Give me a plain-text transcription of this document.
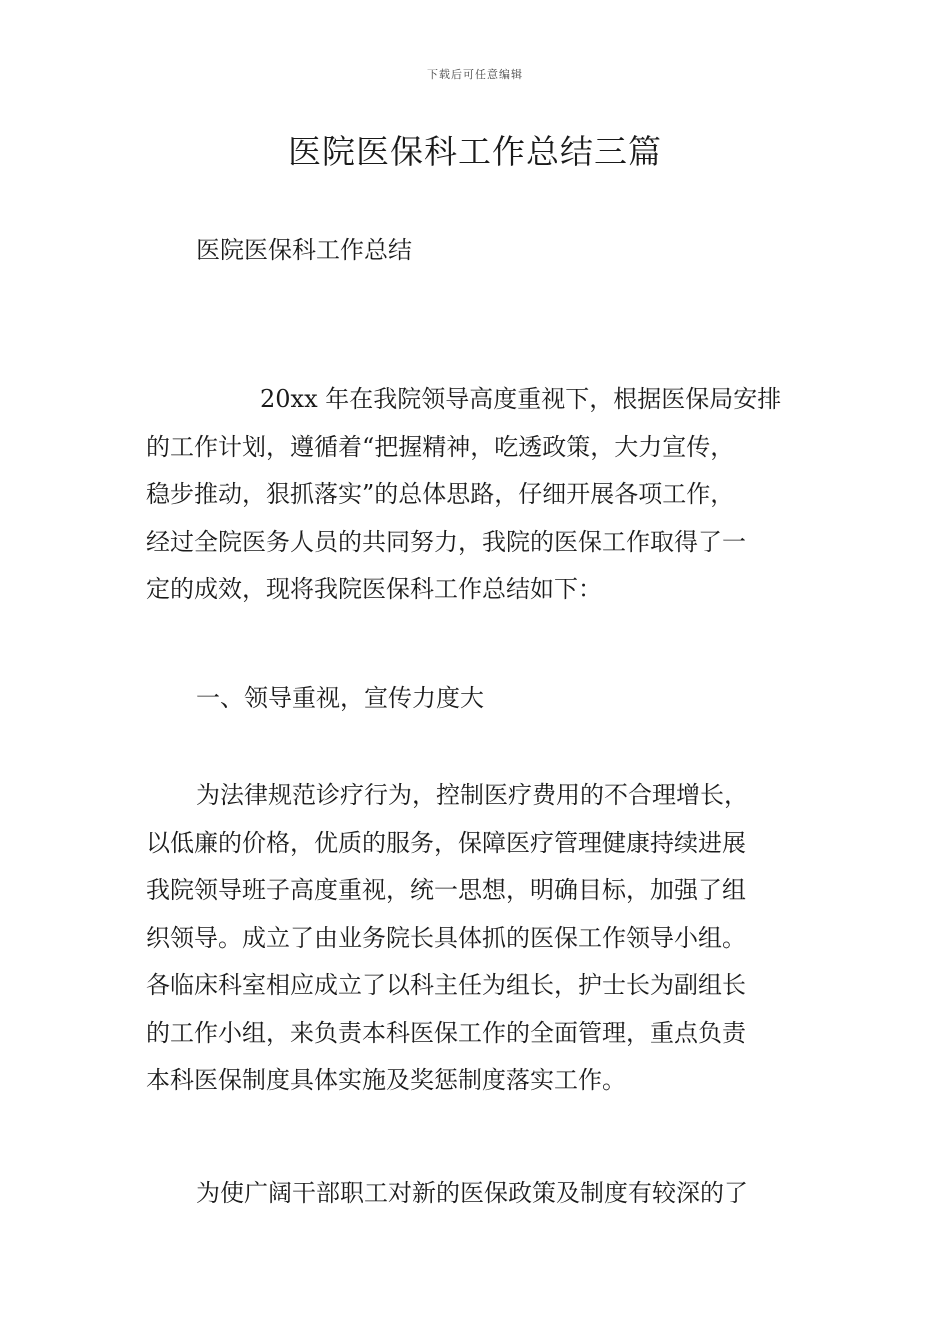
下载后可任意编辑
医院医保科工作总结三篇
医院医保科工作总结
20xx 年在我院领导高度重视下，根据医保局安排
的工作计划，遵循着“把握精神，吃透政策，大力宣传，
稳步推动，狠抓落实”的总体思路，仔细开展各项工作，
经过全院医务人员的共同努力，我院的医保工作取得了一
定的成效，现将我院医保科工作总结如下：
一、领导重视，宣传力度大
为法律规范诊疗行为，控制医疗费用的不合理增长，
以低廉的价格，优质的服务，保障医疗管理健康持续进展
我院领导班子高度重视，统一思想，明确目标，加强了组
织领导。成立了由业务院长具体抓的医保工作领导小组。
各临床科室相应成立了以科主任为组长，护士长为副组长
的工作小组，来负责本科医保工作的全面管理，重点负责
本科医保制度具体实施及奖惩制度落实工作。
为使广阔干部职工对新的医保政策及制度有较深的了
